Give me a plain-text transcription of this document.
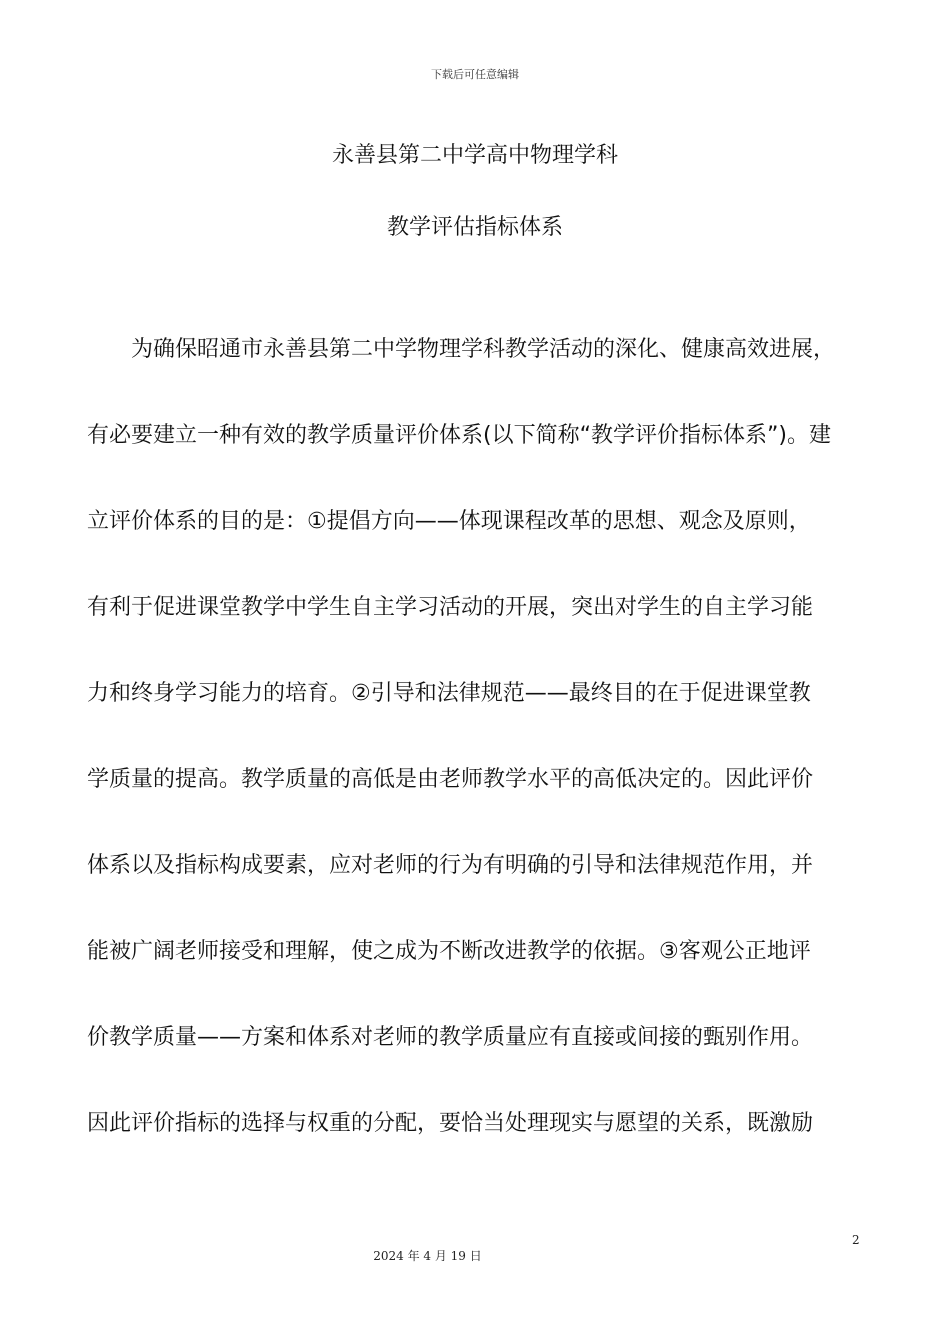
下载后可任意编辑
永善县第二中学高中物理学科
教学评估指标体系
为确保昭通市永善县第二中学物理学科教学活动的深化、健康高效进展，
有必要建立一种有效的教学质量评价体系(以下简称“教学评价指标体系”)。建
立评价体系的目的是：①提倡方向——体现课程改革的思想、观念及原则，
有利于促进课堂教学中学生自主学习活动的开展，突出对学生的自主学习能
力和终身学习能力的培育。②引导和法律规范——最终目的在于促进课堂教
学质量的提高。教学质量的高低是由老师教学水平的高低决定的。因此评价
体系以及指标构成要素，应对老师的行为有明确的引导和法律规范作用，并
能被广阔老师接受和理解，使之成为不断改进教学的依据。③客观公正地评
价教学质量——方案和体系对老师的教学质量应有直接或间接的甄别作用。
因此评价指标的选择与权重的分配，要恰当处理现实与愿望的关系，既激励
2
2024 年 4 月 19 日
